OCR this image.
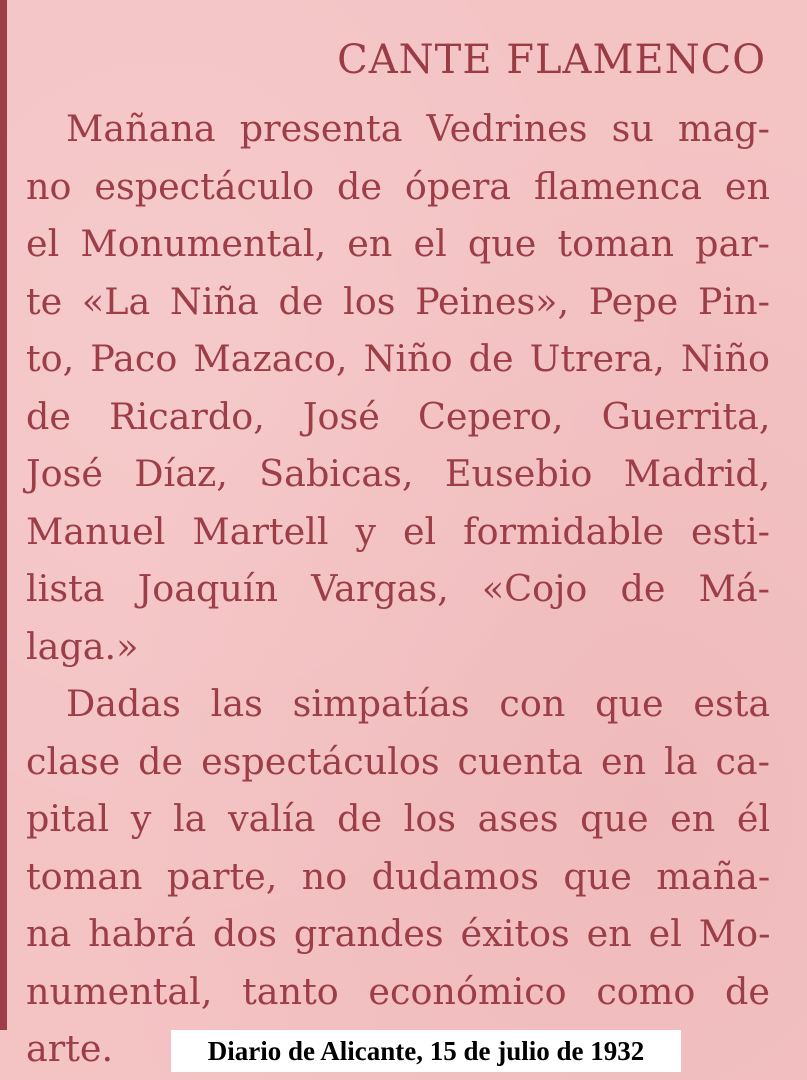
CANTE FLAMENCO

Mañana presenta Vedrines su mag-
no espectáculo de ópera flamenca en
el Monumental, en el que toman par-
te «La Niña de los Peines», Pepe Pin-
to, Paco Mazaco, Niño de Utrera, Niño
de Ricardo, José Cepero, Guerrita,
José Díaz, Sabicas, Eusebio Madrid,
Manuel Martell y el formidable esti-
lista Joaquín Vargas, «Cojo de Má-
laga.»

Dadas las simpatías con que esta
clase de espectáculos cuenta en la ca-
pital y la valía de los ases que en él
toman parte, no dudamos que maña-
na habrá dos grandes éxitos en el Mo-
numental, tanto económico como de
arte.	Diario de Alicante, 15 de julio de 1932
